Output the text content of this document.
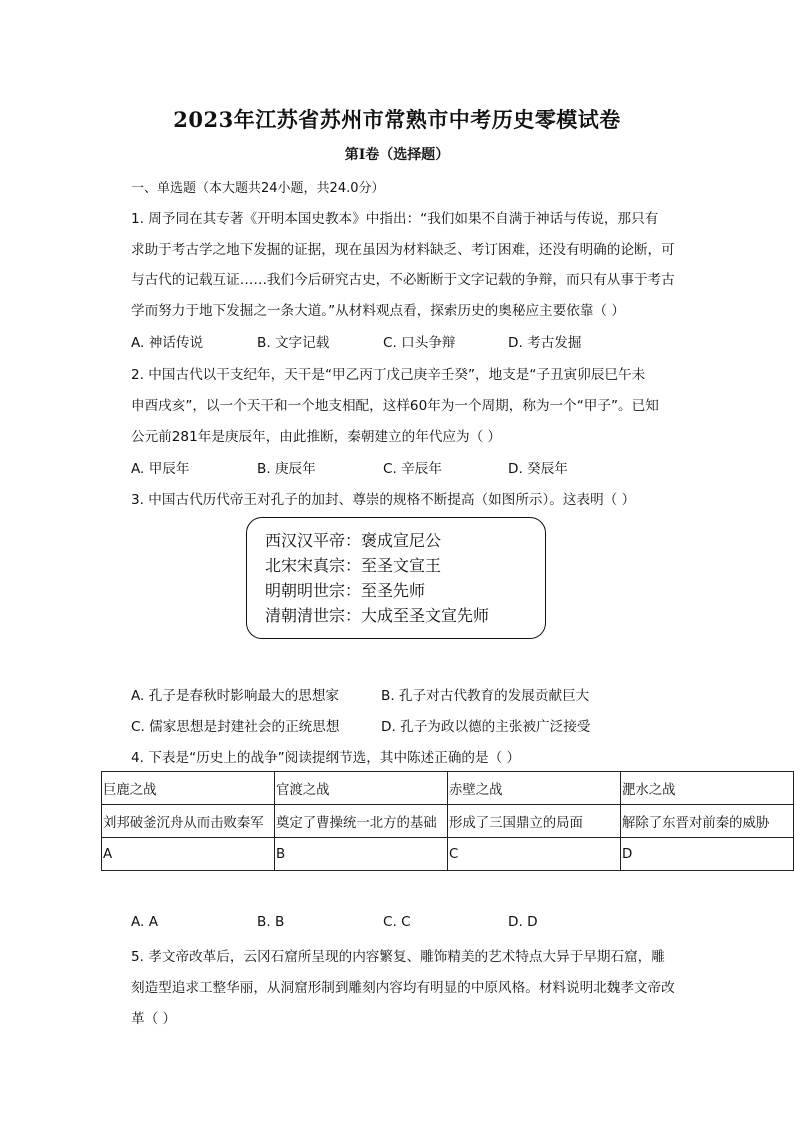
2023年江苏省苏州市常熟市中考历史零模试卷
第I卷（选择题）
一、单选题（本大题共24小题，共24.0分）
1. 周予同在其专著《开明本国史教本》中指出：“我们如果不自满于神话与传说，那只有
求助于考古学之地下发掘的证据，现在虽因为材料缺乏、考订困难，还没有明确的论断，可
与古代的记载互证……我们今后研究古史，不必断断于文字记载的争辩，而只有从事于考古
学而努力于地下发掘之一条大道。”从材料观点看，探索历史的奥秘应主要依靠（ ）
A. 神话传说	B. 文字记载	C. 口头争辩	D. 考古发掘
2. 中国古代以干支纪年，天干是“甲乙丙丁戊己庚辛壬癸”，地支是“子丑寅卯辰巳午未
申酉戌亥”，以一个天干和一个地支相配，这样60年为一个周期，称为一个“甲子”。已知
公元前281年是庚辰年，由此推断，秦朝建立的年代应为（ ）
A. 甲辰年	B. 庚辰年	C. 辛辰年	D. 癸辰年
3. 中国古代历代帝王对孔子的加封、尊崇的规格不断提高（如图所示）。这表明（ ）
西汉汉平帝：褒成宣尼公
北宋宋真宗：至圣文宣王
明朝明世宗：至圣先师
清朝清世宗：大成至圣文宣先师
A. 孔子是春秋时影响最大的思想家	B. 孔子对古代教育的发展贡献巨大
C. 儒家思想是封建社会的正统思想	D. 孔子为政以德的主张被广泛接受
4. 下表是“历史上的战争”阅读提纲节选，其中陈述正确的是（ ）
巨鹿之战	官渡之战	赤壁之战	淝水之战
刘邦破釜沉舟从而击败秦军	奠定了曹操统一北方的基础	形成了三国鼎立的局面	解除了东晋对前秦的威胁
A	B	C	D
A. A	B. B	C. C	D. D
5. 孝文帝改革后，云冈石窟所呈现的内容繁复、雕饰精美的艺术特点大异于早期石窟，雕
刻造型追求工整华丽，从洞窟形制到雕刻内容均有明显的中原风格。材料说明北魏孝文帝改
革（ ）
